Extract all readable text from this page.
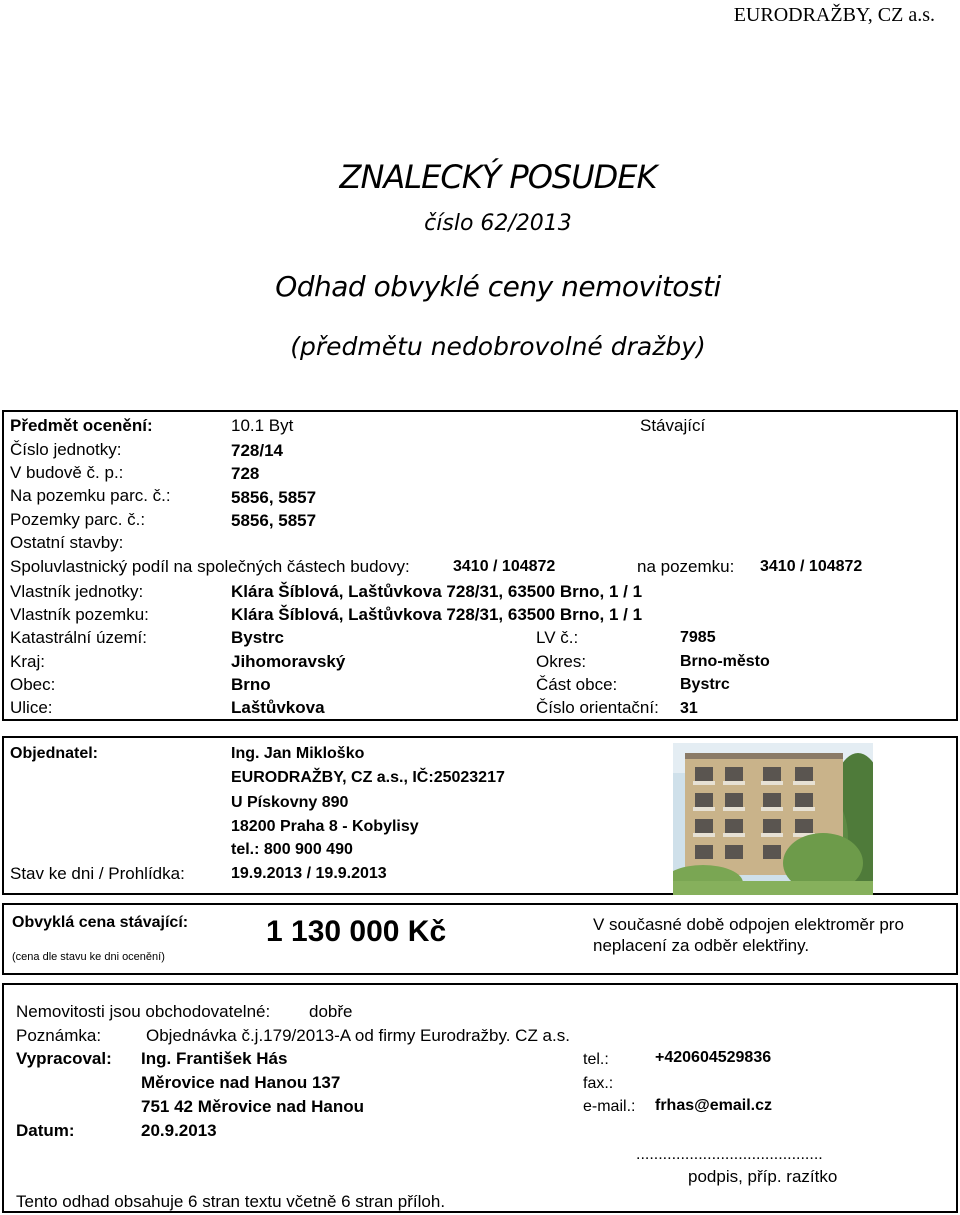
EURODRAŽBY, CZ a.s.
ZNALECKÝ POSUDEK
číslo 62/2013
Odhad obvyklé ceny nemovitosti
(předmětu nedobrovolné dražby)
Předmět ocenění:	10.1 Byt	Stávající
Číslo jednotky:	728/14
V budově č. p.:	728
Na pozemku parc. č.:	5856, 5857
Pozemky parc. č.:	5856, 5857
Ostatní stavby:
Spoluvlastnický podíl na společných částech budovy:	3410 / 104872	na pozemku: 3410 / 104872
Vlastník jednotky:	Klára Šíblová, Laštůvkova 728/31, 63500 Brno, 1 / 1
Vlastník pozemku:	Klára Šíblová, Laštůvkova 728/31, 63500 Brno, 1 / 1
Katastrální území:	Bystrc	LV č.:	7985
Kraj:	Jihomoravský	Okres:	Brno-město
Obec:	Brno	Část obce:	Bystrc
Ulice:	Laštůvkova	Číslo orientační: 31
Objednatel:	Ing. Jan Mikloško
EURODRAŽBY, CZ a.s., IČ:25023217
U Pískovny 890
18200 Praha 8 - Kobylisy
tel.: 800 900 490
Stav ke dni / Prohlídka:	19.9.2013 / 19.9.2013
Obvyklá cena stávající:
(cena dle stavu ke dni ocenění)
1 130 000 Kč	V současné době odpojen elektroměr pro
neplacení za odběr elektřiny.
Nemovitosti jsou obchodovatelné: dobře
Poznámka:	Objednávka č.j.179/2013-A od firmy Eurodražby. CZ a.s.
Vypracoval: Ing. František Hás
Měrovice nad Hanou 137
751 42 Měrovice nad Hanou
Datum:	20.9.2013
tel.:	+420604529836
fax.:
e-mail.: frhas@email.cz
..........................................
podpis, příp. razítko
Tento odhad obsahuje 6 stran textu včetně 6 stran příloh.
